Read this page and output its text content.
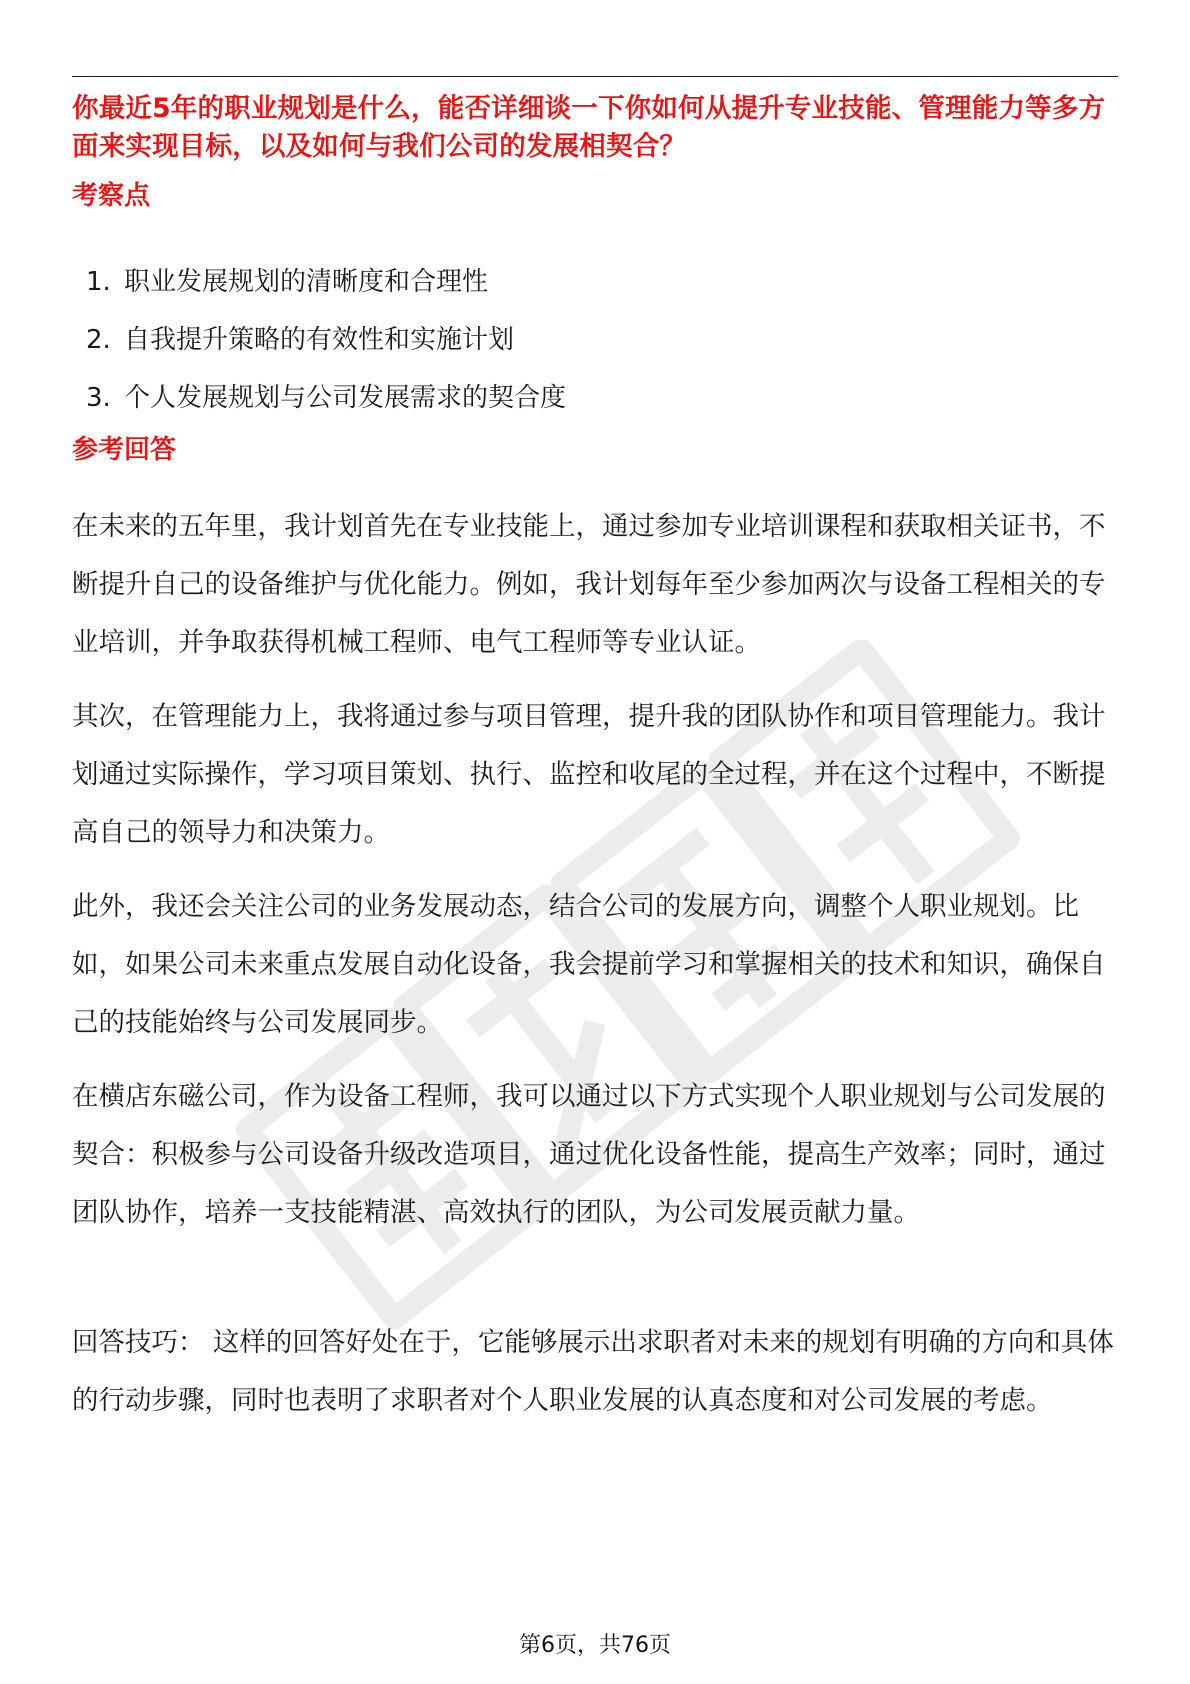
你最近5年的职业规划是什么，能否详细谈一下你如何从提升专业技能、管理能力等多方面来实现目标，以及如何与我们公司的发展相契合？
考察点
1. 职业发展规划的清晰度和合理性
2. 自我提升策略的有效性和实施计划
3. 个人发展规划与公司发展需求的契合度
参考回答

在未来的五年里，我计划首先在专业技能上，通过参加专业培训课程和获取相关证书，不断提升自己的设备维护与优化能力。例如，我计划每年至少参加两次与设备工程相关的专业培训，并争取获得机械工程师、电气工程师等专业认证。

其次，在管理能力上，我将通过参与项目管理，提升我的团队协作和项目管理能力。我计划通过实际操作，学习项目策划、执行、监控和收尾的全过程，并在这个过程中，不断提高自己的领导力和决策力。

此外，我还会关注公司的业务发展动态，结合公司的发展方向，调整个人职业规划。比如，如果公司未来重点发展自动化设备，我会提前学习和掌握相关的技术和知识，确保自己的技能始终与公司发展同步。

在横店东磁公司，作为设备工程师，我可以通过以下方式实现个人职业规划与公司发展的契合：积极参与公司设备升级改造项目，通过优化设备性能，提高生产效率；同时，通过团队协作，培养一支技能精湛、高效执行的团队，为公司发展贡献力量。

回答技巧： 这样的回答好处在于，它能够展示出求职者对未来的规划有明确的方向和具体的行动步骤，同时也表明了求职者对个人职业发展的认真态度和对公司发展的考虑。

第6页，共76页
